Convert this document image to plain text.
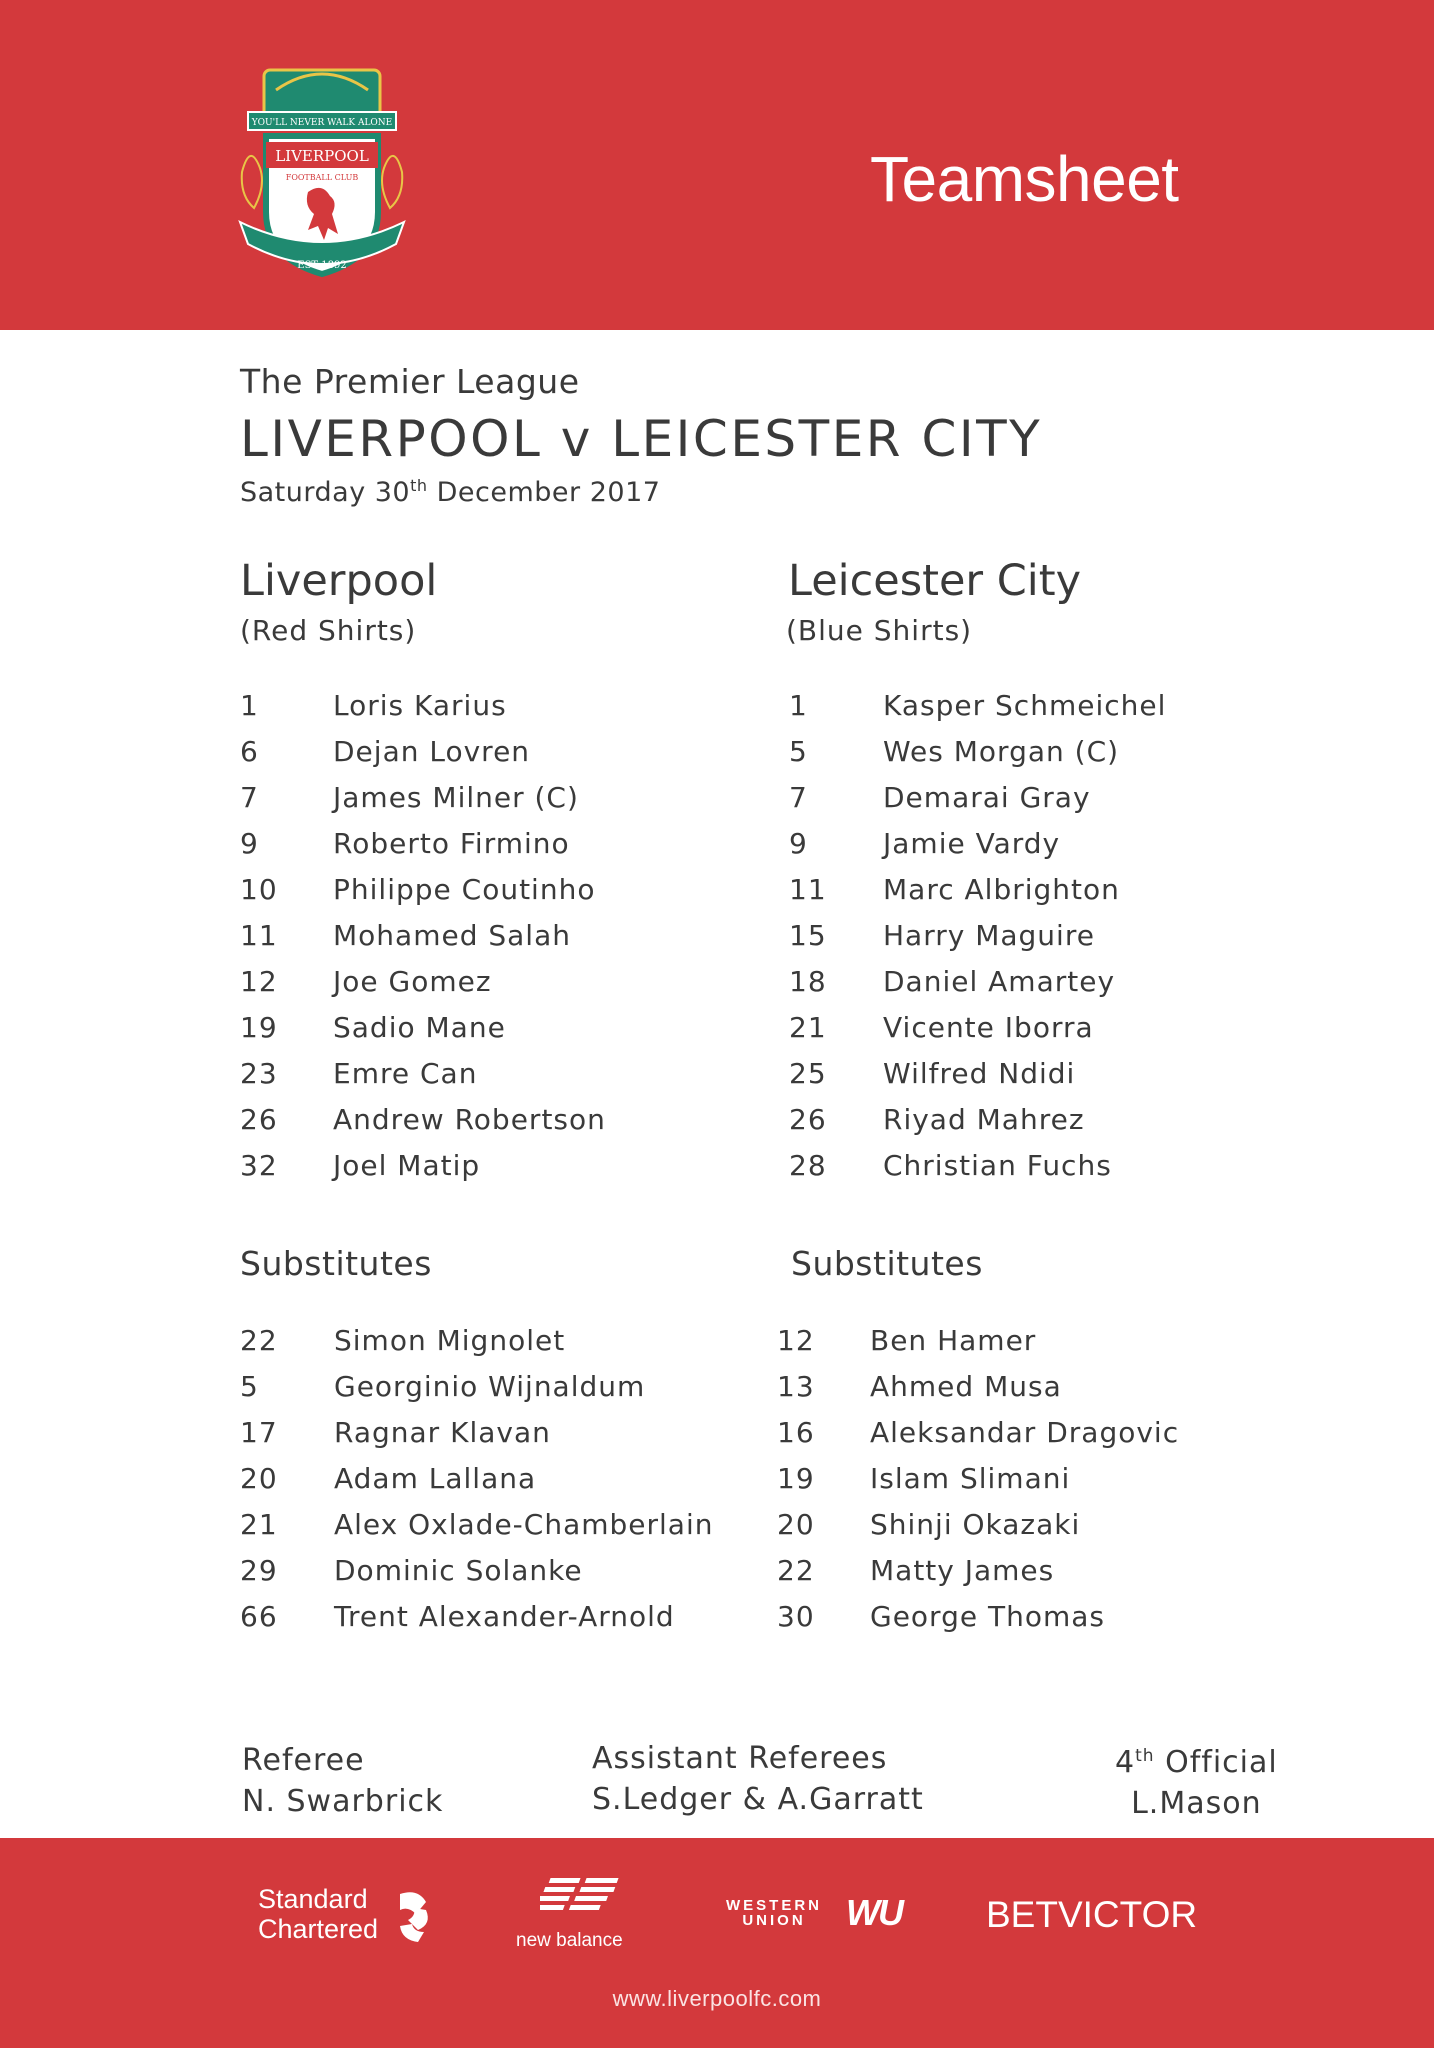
YOU'LL NEVER WALK ALONE
LIVERPOOL
FOOTBALL CLUB
EST·1892
Teamsheet
The Premier League
LIVERPOOL v LEICESTER CITY
Saturday 30th December 2017
Liverpool
(Red Shirts)
Leicester City
(Blue Shirts)
1	Loris Karius
6	Dejan Lovren
7	James Milner (C)
9	Roberto Firmino
10 Philippe Coutinho
11 Mohamed Salah
12 Joe Gomez
19 Sadio Mane
23 Emre Can
26 Andrew Robertson
32 Joel Matip
1	Kasper Schmeichel
5	Wes Morgan (C)
7	Demarai Gray
9	Jamie Vardy
11 Marc Albrighton
15 Harry Maguire
18 Daniel Amartey
21 Vicente Iborra
25 Wilfred Ndidi
26 Riyad Mahrez
28 Christian Fuchs
Substitutes	Substitutes
22 Simon Mignolet
5	Georginio Wijnaldum
17 Ragnar Klavan
20 Adam Lallana
21 Alex Oxlade-Chamberlain
29 Dominic Solanke
66 Trent Alexander-Arnold
12 Ben Hamer
13 Ahmed Musa
16 Aleksandar Dragovic
19 Islam Slimani
20 Shinji Okazaki
22 Matty James
30 George Thomas
Referee
N. Swarbrick
Assistant Referees
S.Ledger & A.Garratt
4th Official
L.Mason
Standard
Chartered	new balance
WESTERN
UNION	WU BETVICTOR
www.liverpoolfc.com
